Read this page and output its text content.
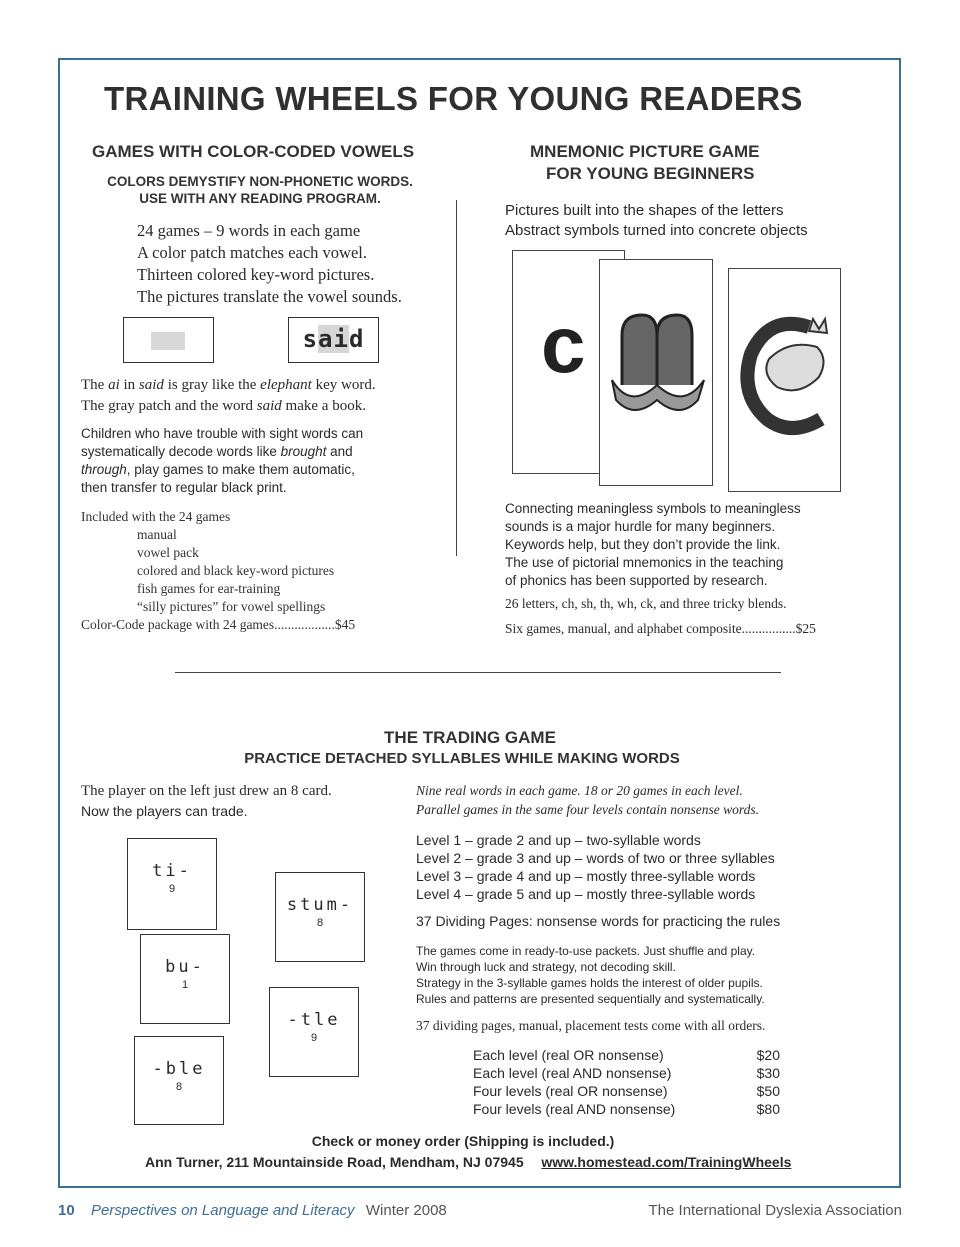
TRAINING WHEELS FOR YOUNG READERS
GAMES WITH COLOR-CODED VOWELS
COLORS DEMYSTIFY NON-PHONETIC WORDS.
USE WITH ANY READING PROGRAM.
24 games – 9 words in each game
A color patch matches each vowel.
Thirteen colored key-word pictures.
The pictures translate the vowel sounds.
said
The ai in said is gray like the elephant key word.
The gray patch and the word said make a book.
Children who have trouble with sight words can
systematically decode words like brought and
through, play games to make them automatic,
then transfer to regular black print.
Included with the 24 games
manual
vowel pack
colored and black key-word pictures
fish games for ear-training
“silly pictures” for vowel spellings
Color-Code package with 24 games..................$45
MNEMONIC PICTURE GAME
FOR YOUNG BEGINNERS
Pictures built into the shapes of the letters
Abstract symbols turned into concrete objects
c
Connecting meaningless symbols to meaningless
sounds is a major hurdle for many beginners.
Keywords help, but they don’t provide the link.
The use of pictorial mnemonics in the teaching
of phonics has been supported by research.
26 letters, ch, sh, th, wh, ck, and three tricky blends.
Six games, manual, and alphabet composite................$25
THE TRADING GAME
PRACTICE DETACHED SYLLABLES WHILE MAKING WORDS
The player on the left just drew an 8 card.
Now the players can trade.
ti-
9
bu-
1
-ble
8
stum-
8
-tle
9
Nine real words in each game. 18 or 20 games in each level.
Parallel games in the same four levels contain nonsense words.
Level 1 – grade 2 and up – two-syllable words
Level 2 – grade 3 and up – words of two or three syllables
Level 3 – grade 4 and up – mostly three-syllable words
Level 4 – grade 5 and up – mostly three-syllable words
37 Dividing Pages: nonsense words for practicing the rules
The games come in ready-to-use packets. Just shuffle and play.
Win through luck and strategy, not decoding skill.
Strategy in the 3-syllable games holds the interest of older pupils.
Rules and patterns are presented sequentially and systematically.
37 dividing pages, manual, placement tests come with all orders.
Each level (real OR nonsense)	$20
Each level (real AND nonsense)	$30
Four levels (real OR nonsense)	$50
Four levels (real AND nonsense)	$80
Check or money order (Shipping is included.)
Ann Turner, 211 Mountainside Road, Mendham, NJ 07945 www.homestead.com/TrainingWheels
10 Perspectives on Language and Literacy Winter 2008	The International Dyslexia Association
